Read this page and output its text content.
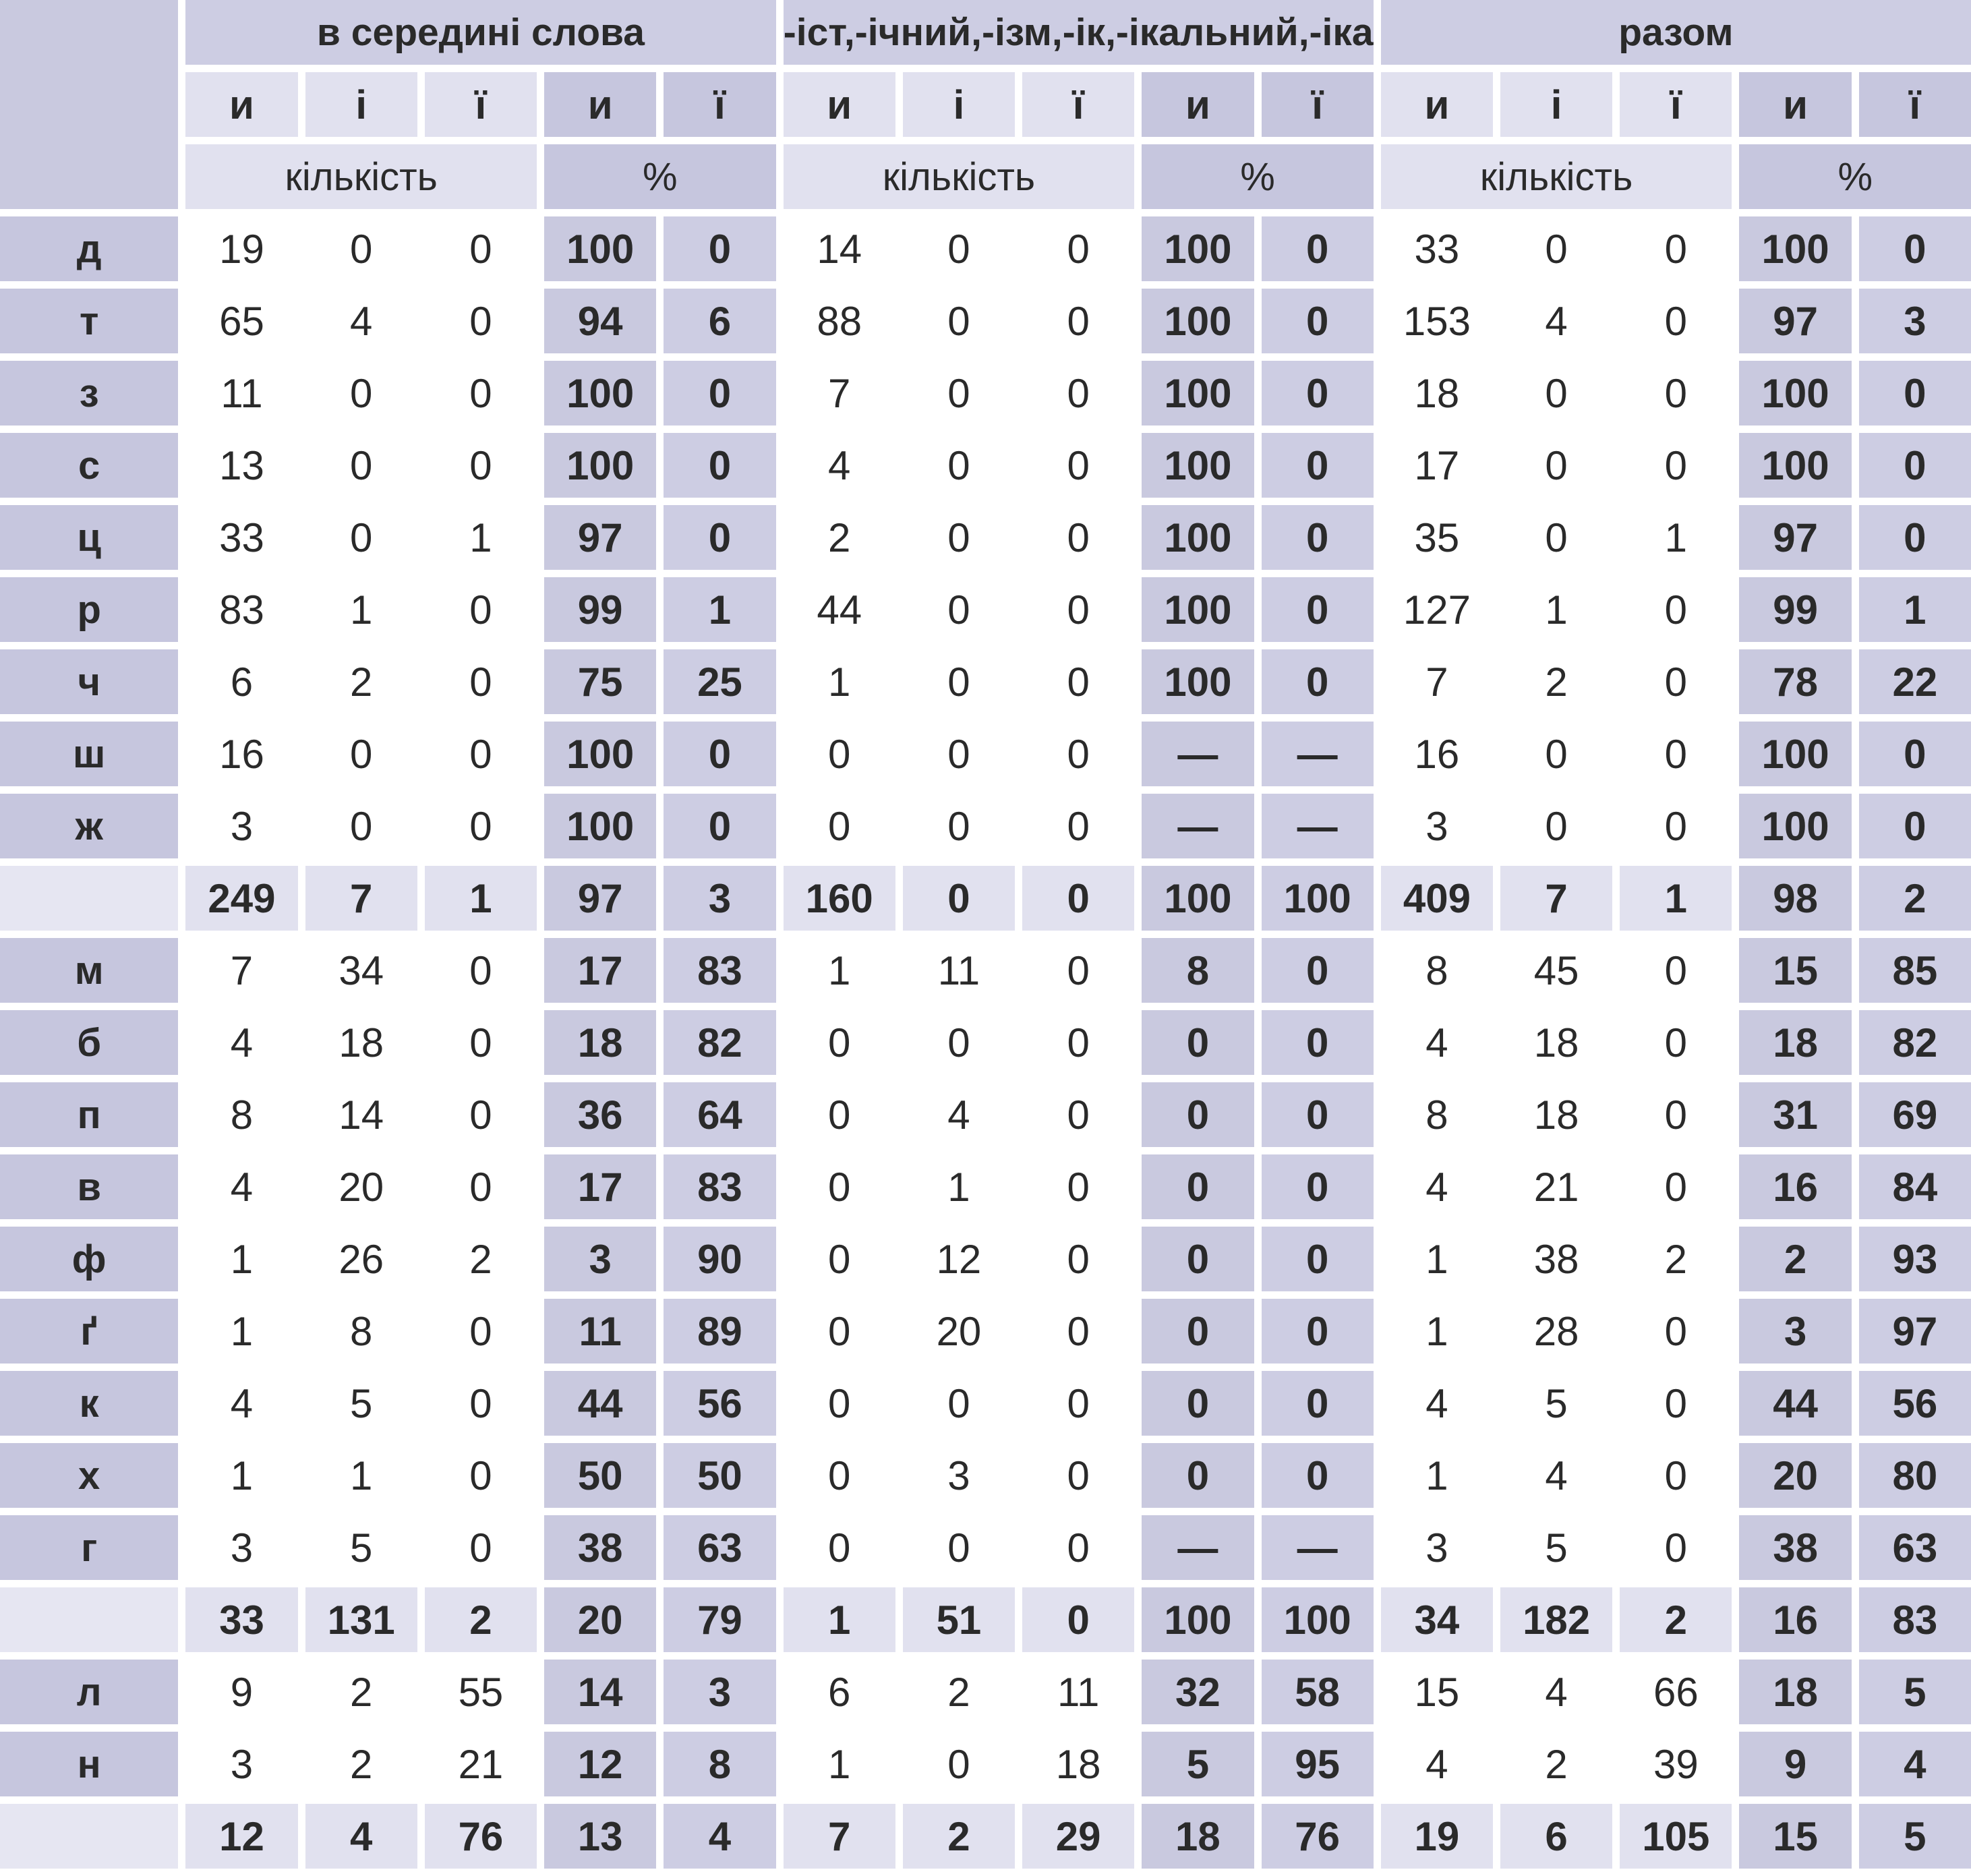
	в середині слова					-іст,-ічний,-ізм,-ік,-ікальний,-іка					разом				
	и	і	ї	и	ї	и	і	ї	и	ї	и	і	ї	и	ї
	кількість			%		кількість			%		кількість			%	
д	19	0	0	100	0	14	0	0	100	0	33	0	0	100	0
т	65	4	0	94	6	88	0	0	100	0	153	4	0	97	3
з	11	0	0	100	0	7	0	0	100	0	18	0	0	100	0
с	13	0	0	100	0	4	0	0	100	0	17	0	0	100	0
ц	33	0	1	97	0	2	0	0	100	0	35	0	1	97	0
р	83	1	0	99	1	44	0	0	100	0	127	1	0	99	1
ч	6	2	0	75	25	1	0	0	100	0	7	2	0	78	22
ш	16	0	0	100	0	0	0	0	—	—	16	0	0	100	0
ж	3	0	0	100	0	0	0	0	—	—	3	0	0	100	0
	249	7	1	97	3	160	0	0	100	100	409	7	1	98	2
м	7	34	0	17	83	1	11	0	8	0	8	45	0	15	85
б	4	18	0	18	82	0	0	0	0	0	4	18	0	18	82
п	8	14	0	36	64	0	4	0	0	0	8	18	0	31	69
в	4	20	0	17	83	0	1	0	0	0	4	21	0	16	84
ф	1	26	2	3	90	0	12	0	0	0	1	38	2	2	93
ґ	1	8	0	11	89	0	20	0	0	0	1	28	0	3	97
к	4	5	0	44	56	0	0	0	0	0	4	5	0	44	56
х	1	1	0	50	50	0	3	0	0	0	1	4	0	20	80
г	3	5	0	38	63	0	0	0	—	—	3	5	0	38	63
	33	131	2	20	79	1	51	0	100	100	34	182	2	16	83
л	9	2	55	14	3	6	2	11	32	58	15	4	66	18	5
н	3	2	21	12	8	1	0	18	5	95	4	2	39	9	4
	12	4	76	13	4	7	2	29	18	76	19	6	105	15	5
